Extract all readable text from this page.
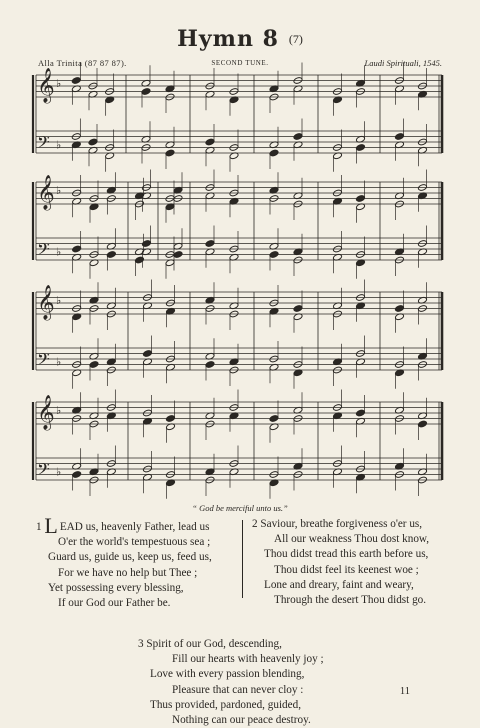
Hymn 8 (7)
Alla Trinita (87 87 87).	SECOND TUNE.	Laudi Spirituali, 1545.
𝄞 ♭
𝄢 ♭
𝄞 ♭
𝄢 ♭
𝄞 ♭
𝄢 ♭
𝄞 ♭
𝄢 ♭
“ God be merciful unto us.”
1 L EAD us, heavenly Father, lead us
O'er the world's tempestuous sea ;
Guard us, guide us, keep us, feed us,
For we have no help but Thee ;
Yet possessing every blessing,
If our God our Father be.
2 Saviour, breathe forgiveness o'er us,
All our weakness Thou dost know,
Thou didst tread this earth before us,
Thou didst feel its keenest woe ;
Lone and dreary, faint and weary,
Through the desert Thou didst go.
3 Spirit of our God, descending,
Fill our hearts with heavenly joy ;
Love with every passion blending,
Pleasure that can never cloy :
Thus provided, pardoned, guided,
Nothing can our peace destroy.
11
